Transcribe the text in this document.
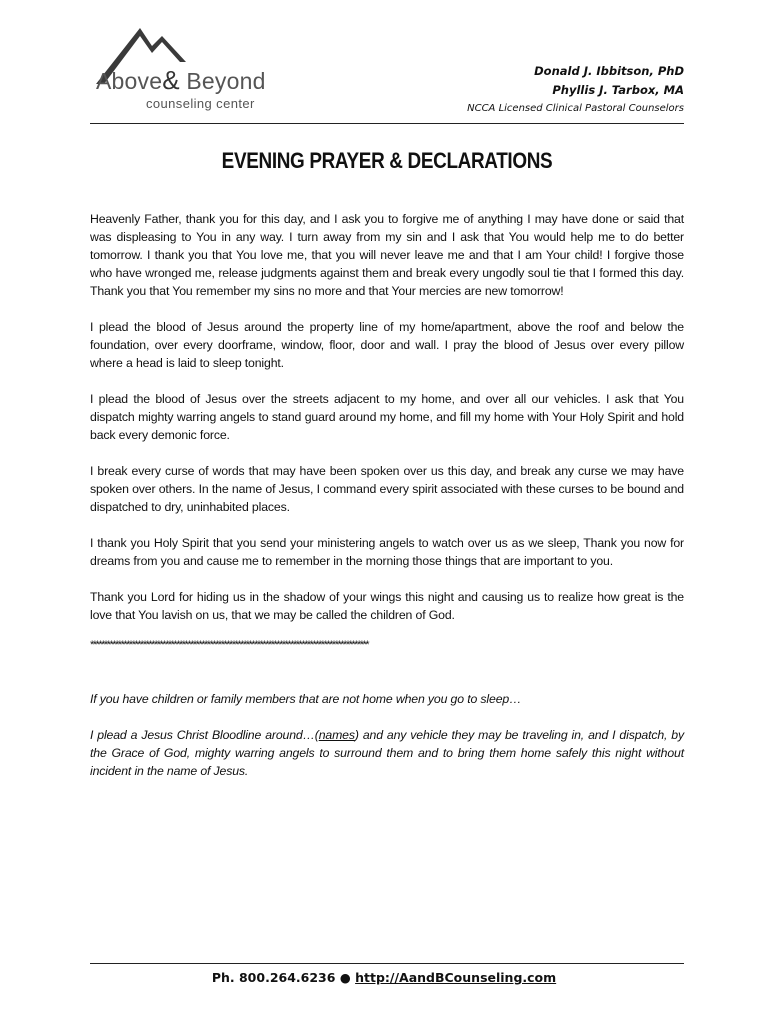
Above& Beyond
counseling center
Donald J. Ibbitson, PhD
Phyllis J. Tarbox, MA
NCCA Licensed Clinical Pastoral Counselors
EVENING PRAYER & DECLARATIONS

Heavenly Father, thank you for this day, and I ask you to forgive me of anything I may have done or said that was displeasing to You in any way. I turn away from my sin and I ask that You would help me to do better tomorrow. I thank you that You love me, that you will never leave me and that I am Your child! I forgive those who have wronged me, release judgments against them and break every ungodly soul tie that I formed this day. Thank you that You remember my sins no more and that Your mercies are new tomorrow!

I plead the blood of Jesus around the property line of my home/apartment, above the roof and below the foundation, over every doorframe, window, floor, door and wall. I pray the blood of Jesus over every pillow where a head is laid to sleep tonight.

I plead the blood of Jesus over the streets adjacent to my home, and over all our vehicles. I ask that You dispatch mighty warring angels to stand guard around my home, and fill my home with Your Holy Spirit and hold back every demonic force.

I break every curse of words that may have been spoken over us this day, and break any curse we may have spoken over others. In the name of Jesus, I command every spirit associated with these curses to be bound and dispatched to dry, uninhabited places.

I thank you Holy Spirit that you send your ministering angels to watch over us as we sleep, Thank you now for dreams from you and cause me to remember in the morning those things that are important to you.

Thank you Lord for hiding us in the shadow of your wings this night and causing us to realize how great is the love that You lavish on us, that we may be called the children of God.

****************************************************************************************************

If you have children or family members that are not home when you go to sleep…

I plead a Jesus Christ Bloodline around…(names) and any vehicle they may be traveling in, and I dispatch, by the Grace of God, mighty warring angels to surround them and to bring them home safely this night without incident in the name of Jesus.

Ph. 800.264.6236 ● http://AandBCounseling.com
